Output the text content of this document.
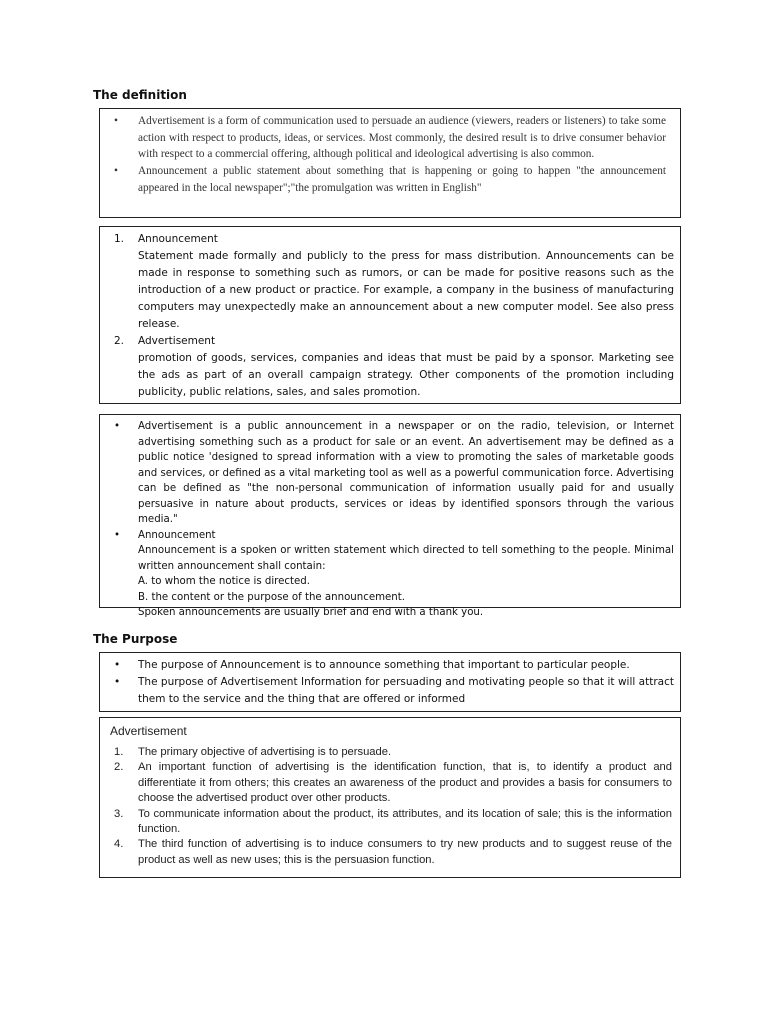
The definition
• Advertisement is a form of communication used to persuade an audience (viewers, readers or listeners) to take some action with respect to products, ideas, or services. Most commonly, the desired result is to drive consumer behavior with respect to a commercial offering, although political and ideological advertising is also common.
• Announcement a public statement about something that is happening or going to happen "the announcement appeared in the local newspaper";"the promulgation was written in English"
1. Announcement
Statement made formally and publicly to the press for mass distribution. Announcements can be made in response to something such as rumors, or can be made for positive reasons such as the introduction of a new product or practice. For example, a company in the business of manufacturing computers may unexpectedly make an announcement about a new computer model. See also press release.
2. Advertisement
promotion of goods, services, companies and ideas that must be paid by a sponsor. Marketing see the ads as part of an overall campaign strategy. Other components of the promotion including publicity, public relations, sales, and sales promotion.
• Advertisement is a public announcement in a newspaper or on the radio, television, or Internet advertising something such as a product for sale or an event. An advertisement may be defined as a public notice 'designed to spread information with a view to promoting the sales of marketable goods and services, or defined as a vital marketing tool as well as a powerful communication force. Advertising can be defined as "the non-personal communication of information usually paid for and usually persuasive in nature about products, services or ideas by identified sponsors through the various media."
• Announcement
Announcement is a spoken or written statement which directed to tell something to the people. Minimal written announcement shall contain:
A. to whom the notice is directed.
B. the content or the purpose of the announcement.
Spoken announcements are usually brief and end with a thank you.
The Purpose
• The purpose of Announcement is to announce something that important to particular people.
• The purpose of Advertisement Information for persuading and motivating people so that it will attract them to the service and the thing that are offered or informed
Advertisement
1. The primary objective of advertising is to persuade.
2. An important function of advertising is the identification function, that is, to identify a product and differentiate it from others; this creates an awareness of the product and provides a basis for consumers to choose the advertised product over other products.
3. To communicate information about the product, its attributes, and its location of sale; this is the information function.
4. The third function of advertising is to induce consumers to try new products and to suggest reuse of the product as well as new uses; this is the persuasion function.
